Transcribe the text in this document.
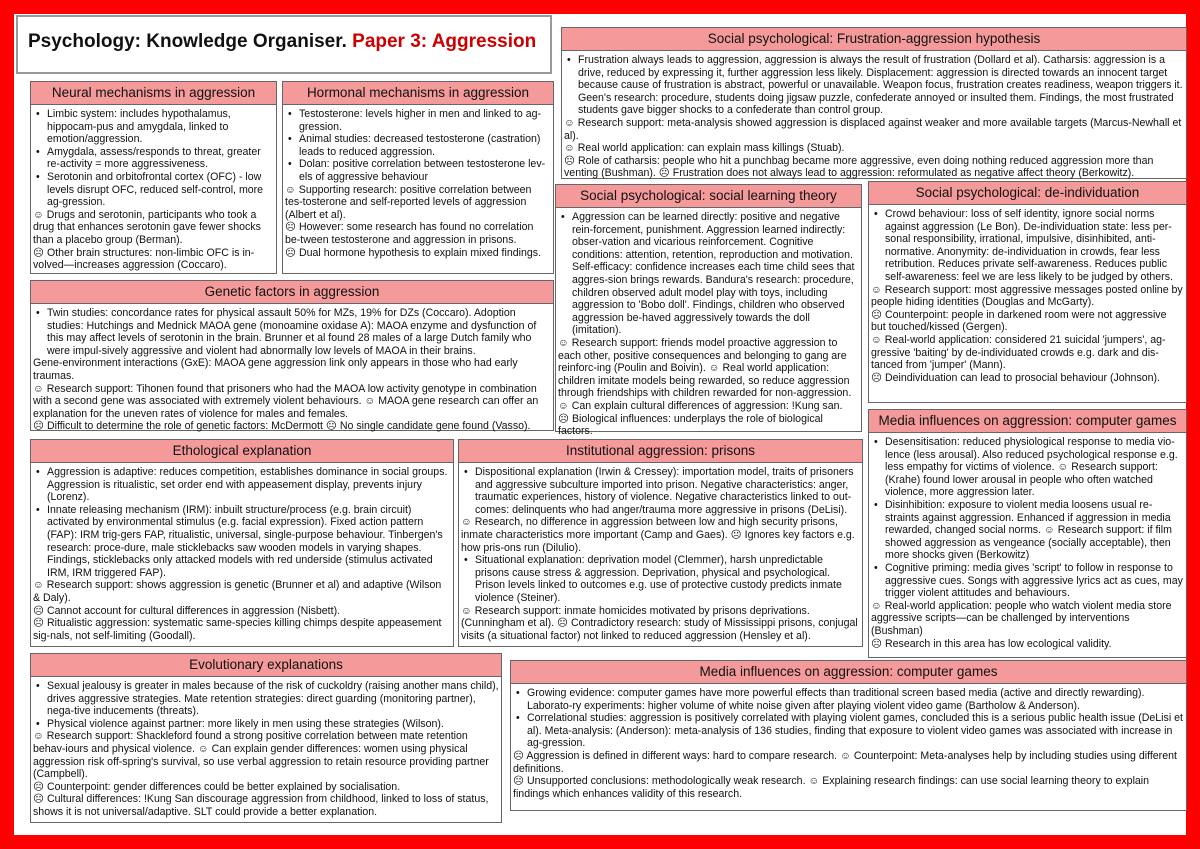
Psychology: Knowledge Organiser. Paper 3: Aggression
Neural mechanisms in aggression

• Limbic system: includes hypothalamus, hippocam-pus and amygdala, linked to emotion/aggression.

• Amygdala, assess/responds to threat, greater re-activity = more aggressiveness.

• Serotonin and orbitofrontal cortex (OFC) - low levels disrupt OFC, reduced self-control, more ag-gression.

☺ Drugs and serotonin, participants who took a drug that enhances serotonin gave fewer shocks than a placebo group (Berman).

☹ Other brain structures: non-limbic OFC is in-volved—increases aggression (Coccaro).

Hormonal mechanisms in aggression

• Testosterone: levels higher in men and linked to ag-gression.

• Animal studies: decreased testosterone (castration) leads to reduced aggression.

• Dolan: positive correlation between testosterone lev-els of aggressive behaviour

☺ Supporting research: positive correlation between tes-tosterone and self-reported levels of aggression (Albert et al).

☹ However: some research has found no correlation be-tween testosterone and aggression in prisons.

☹ Dual hormone hypothesis to explain mixed findings.

Social psychological: Frustration-aggression hypothesis

• Frustration always leads to aggression, aggression is always the result of frustration (Dollard et al). Catharsis: aggression is a drive, reduced by expressing it, further aggression less likely. Displacement: aggression is directed towards an innocent target because cause of frustration is abstract, powerful or unavailable. Weapon focus, frustration creates readiness, weapon triggers it. Geen's research: procedure, students doing jigsaw puzzle, confederate annoyed or insulted them. Findings, the most frustrated students gave bigger shocks to a confederate than control group.

☺ Research support: meta-analysis showed aggression is displaced against weaker and more available targets (Marcus-Newhall et al).

☺ Real world application: can explain mass killings (Stuab).

☹ Role of catharsis: people who hit a punchbag became more aggressive, even doing nothing reduced aggression more than venting (Bushman). ☹ Frustration does not always lead to aggression: reformulated as negative affect theory (Berkowitz).

Genetic factors in aggression

• Twin studies: concordance rates for physical assault 50% for MZs, 19% for DZs (Coccaro). Adoption studies: Hutchings and Mednick MAOA gene (monoamine oxidase A): MAOA enzyme and dysfunction of this may affect levels of serotonin in the brain. Brunner et al found 28 males of a large Dutch family who were impul-sively aggressive and violent had abnormally low levels of MAOA in their brains.

Gene-environment interactions (GxE): MAOA gene aggression link only appears in those who had early traumas.

☺ Research support: Tihonen found that prisoners who had the MAOA low activity genotype in combination with a second gene was associated with extremely violent behaviours. ☺ MAOA gene research can offer an explanation for the uneven rates of violence for males and females.

☹ Difficult to determine the role of genetic factors: McDermott ☹ No single candidate gene found (Vasso).

Social psychological: social learning theory

• Aggression can be learned directly: positive and negative rein-forcement, punishment. Aggression learned indirectly: obser-vation and vicarious reinforcement. Cognitive conditions: attention, retention, reproduction and motivation. Self-efficacy: confidence increases each time child sees that aggres-sion brings rewards. Bandura's research: procedure, children observed adult model play with toys, including aggression to 'Bobo doll'. Findings, children who observed aggression be-haved aggressively towards the doll (imitation).

☺ Research support: friends model proactive aggression to each other, positive consequences and belonging to gang are reinforc-ing (Poulin and Boivin). ☺ Real world application: children imitate models being rewarded, so reduce aggression through friendships with children rewarded for non-aggression.

☺ Can explain cultural differences of aggression: !Kung san.

☹ Biological influences: underplays the role of biological factors.

Social psychological: de-individuation

• Crowd behaviour: loss of self identity, ignore social norms against aggression (Le Bon). De-individuation state: less per-sonal responsibility, irrational, impulsive, disinhibited, anti-normative. Anonymity: de-individuation in crowds, fear less retribution. Reduces private self-awareness. Reduces public self-awareness: feel we are less likely to be judged by others.

☺ Research support: most aggressive messages posted online by people hiding identities (Douglas and McGarty).

☹ Counterpoint: people in darkened room were not aggressive but touched/kissed (Gergen).

☺ Real-world application: considered 21 suicidal 'jumpers', ag-gressive 'baiting' by de-individuated crowds e.g. dark and dis-tanced from 'jumper' (Mann).

☹ Deindividuation can lead to prosocial behaviour (Johnson).

Ethological explanation

• Aggression is adaptive: reduces competition, establishes dominance in social groups. Aggression is ritualistic, set order end with appeasement display, prevents injury (Lorenz).

• Innate releasing mechanism (IRM): inbuilt structure/process (e.g. brain circuit) activated by environmental stimulus (e.g. facial expression). Fixed action pattern (FAP): IRM trig-gers FAP, ritualistic, universal, single-purpose behaviour. Tinbergen's research: proce-dure, male sticklebacks saw wooden models in varying shapes. Findings, sticklebacks only attacked models with red underside (stimulus activated IRM, IRM triggered FAP).

☺ Research support: shows aggression is genetic (Brunner et al) and adaptive (Wilson & Daly).

☹ Cannot account for cultural differences in aggression (Nisbett).

☹ Ritualistic aggression: systematic same-species killing chimps despite appeasement sig-nals, not self-limiting (Goodall).

Institutional aggression: prisons

• Dispositional explanation (Irwin & Cressey): importation model, traits of prisoners and aggressive subculture imported into prison. Negative characteristics: anger, traumatic experiences, history of violence. Negative characteristics linked to out-comes: delinquents who had anger/trauma more aggressive in prisons (DeLisi).

☺ Research, no difference in aggression between low and high security prisons, inmate characteristics more important (Camp and Gaes). ☹ Ignores key factors e.g. how pris-ons run (Dilulio).

• Situational explanation: deprivation model (Clemmer), harsh unpredictable prisons cause stress & aggression. Deprivation, physical and psychological. Prison levels linked to outcomes e.g. use of protective custody predicts inmate violence (Steiner).

☺ Research support: inmate homicides motivated by prisons deprivations. (Cunningham et al). ☹ Contradictory research: study of Mississippi prisons, conjugal visits (a situational factor) not linked to reduced aggression (Hensley et al).

Media influences on aggression: computer games

• Desensitisation: reduced physiological response to media vio-lence (less arousal). Also reduced psychological response e.g. less empathy for victims of violence. ☺ Research support: (Krahe) found lower arousal in people who often watched violence, more aggression later.

• Disinhibition: exposure to violent media loosens usual re-straints against aggression. Enhanced if aggression in media rewarded, changed social norms. ☺ Research support: if film showed aggression as vengeance (socially acceptable), then more shocks given (Berkowitz)

• Cognitive priming: media gives 'script' to follow in response to aggressive cues. Songs with aggressive lyrics act as cues, may trigger violent attitudes and behaviours.

☺ Real-world application: people who watch violent media store aggressive scripts—can be challenged by interventions (Bushman)

☹ Research in this area has low ecological validity.

Evolutionary explanations

• Sexual jealousy is greater in males because of the risk of cuckoldry (raising another mans child), drives aggressive strategies. Mate retention strategies: direct guarding (monitoring partner), nega-tive inducements (threats).

• Physical violence against partner: more likely in men using these strategies (Wilson).

☺ Research support: Shackleford found a strong positive correlation between mate retention behav-iours and physical violence. ☺ Can explain gender differences: women using physical aggression risk off-spring's survival, so use verbal aggression to retain resource providing partner (Campbell).

☹ Counterpoint: gender differences could be better explained by socialisation.

☹ Cultural differences: !Kung San discourage aggression from childhood, linked to loss of status, shows it is not universal/adaptive. SLT could provide a better explanation.

Media influences on aggression: computer games

• Growing evidence: computer games have more powerful effects than traditional screen based media (active and directly rewarding). Laborato-ry experiments: higher volume of white noise given after playing violent video game (Bartholow & Anderson).

• Correlational studies: aggression is positively correlated with playing violent games, concluded this is a serious public health issue (DeLisi et al). Meta-analysis: (Anderson): meta-analysis of 136 studies, finding that exposure to violent video games was associated with increase in ag-gression.

☹ Aggression is defined in different ways: hard to compare research. ☺ Counterpoint: Meta-analyses help by including studies using different definitions.

☹ Unsupported conclusions: methodologically weak research. ☺ Explaining research findings: can use social learning theory to explain findings which enhances validity of this research.
